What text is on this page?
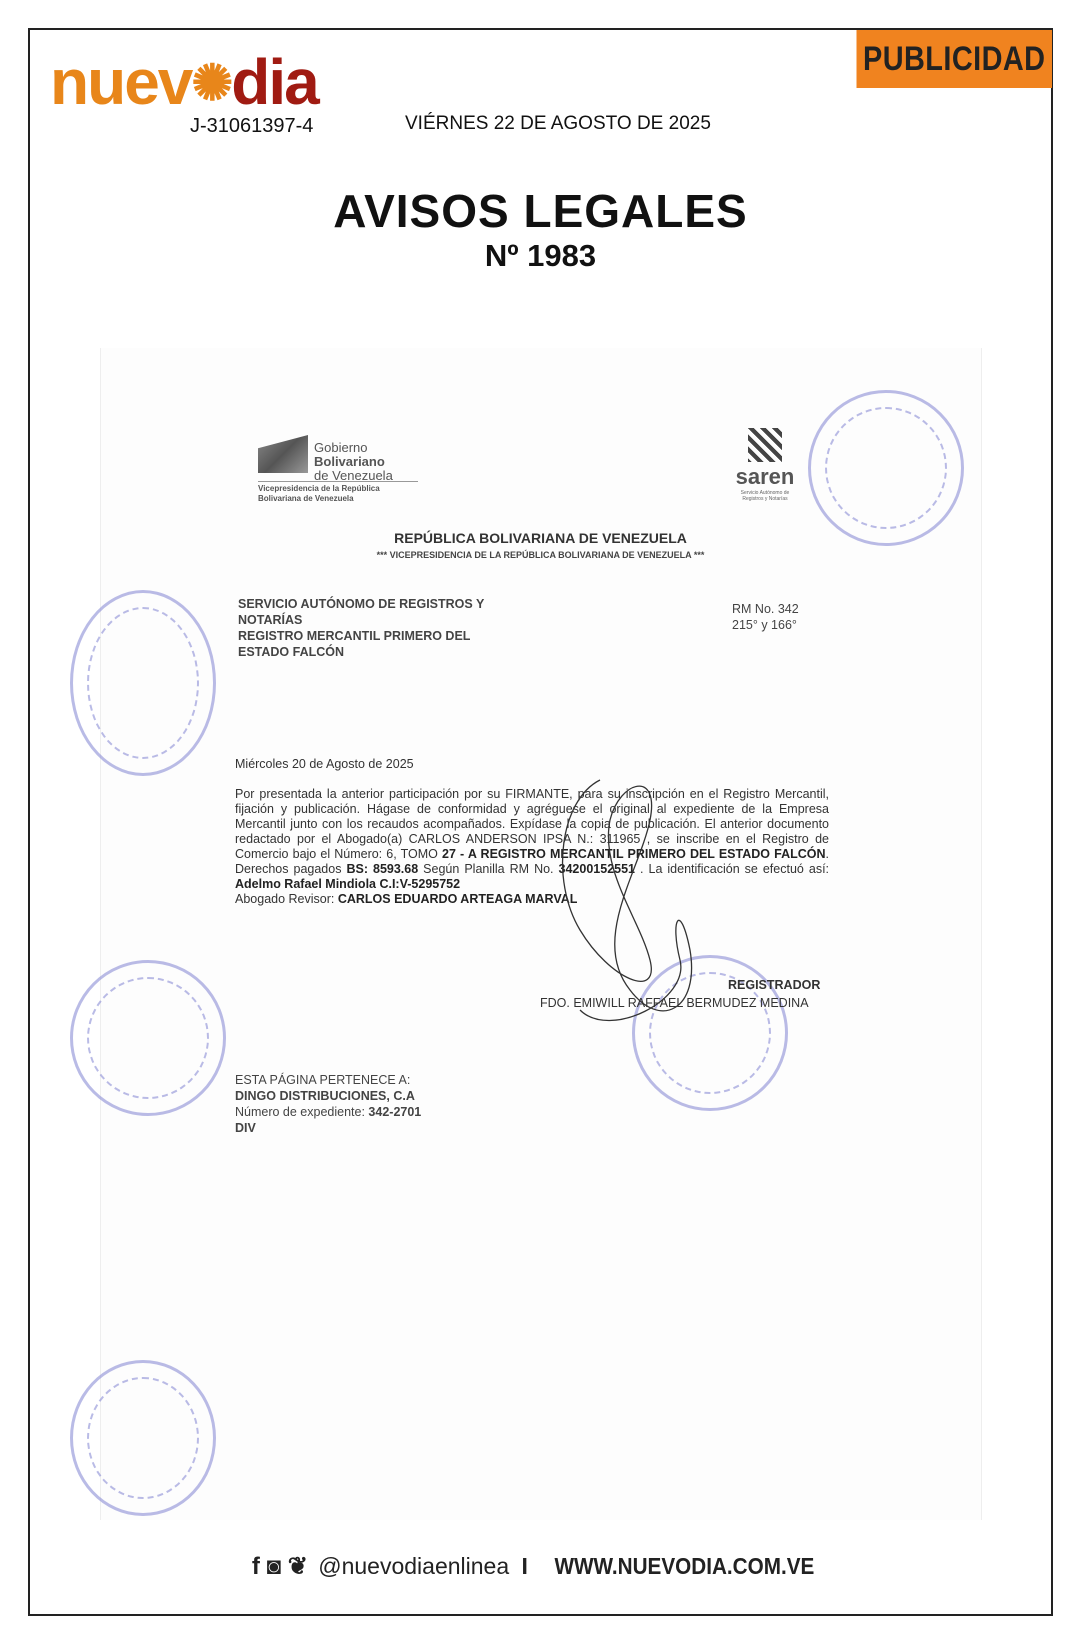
nuev✺dia
J-31061397-4	VIÉRNES 22 DE AGOSTO DE 2025
PUBLICIDAD
AVISOS LEGALES
Nº 1983
Gobierno
Bolivariano
de Venezuela
Vicepresidencia de la República
Bolivariana de Venezuela
saren
Servicio Autónomo de
Registros y Notarías
REPÚBLICA BOLIVARIANA DE VENEZUELA
*** VICEPRESIDENCIA DE LA REPÚBLICA BOLIVARIANA DE VENEZUELA ***
SERVICIO AUTÓNOMO DE REGISTROS Y
NOTARÍAS
REGISTRO MERCANTIL PRIMERO DEL
ESTADO FALCÓN
RM No. 342
215° y 166°
Miércoles 20 de Agosto de 2025
Por presentada la anterior participación por su FIRMANTE, para su inscripción en el Registro Mercantil, fijación y publicación. Hágase de conformidad y agréguese el original al expediente de la Empresa Mercantil junto con los recaudos acompañados. Expídase la copia de publicación. El anterior documento redactado por el Abogado(a) CARLOS ANDERSON IPSA N.: 311965 , se inscribe en el Registro de Comercio bajo el Número: 6, TOMO 27 - A REGISTRO MERCANTIL PRIMERO DEL ESTADO FALCÓN. Derechos pagados BS: 8593.68 Según Planilla RM No. 34200152551 . La identificación se efectuó así: Adelmo Rafael Mindiola C.I:V-5295752
Abogado Revisor: CARLOS EDUARDO ARTEAGA MARVAL
REGISTRADOR
FDO. EMIWILL RAFFAEL BERMUDEZ MEDINA
ESTA PÁGINA PERTENECE A:
DINGO DISTRIBUCIONES, C.A
Número de expediente: 342-2701
DIV
f ◙ ❦ @nuevodiaenlinea I WWW.NUEVODIA.COM.VE
